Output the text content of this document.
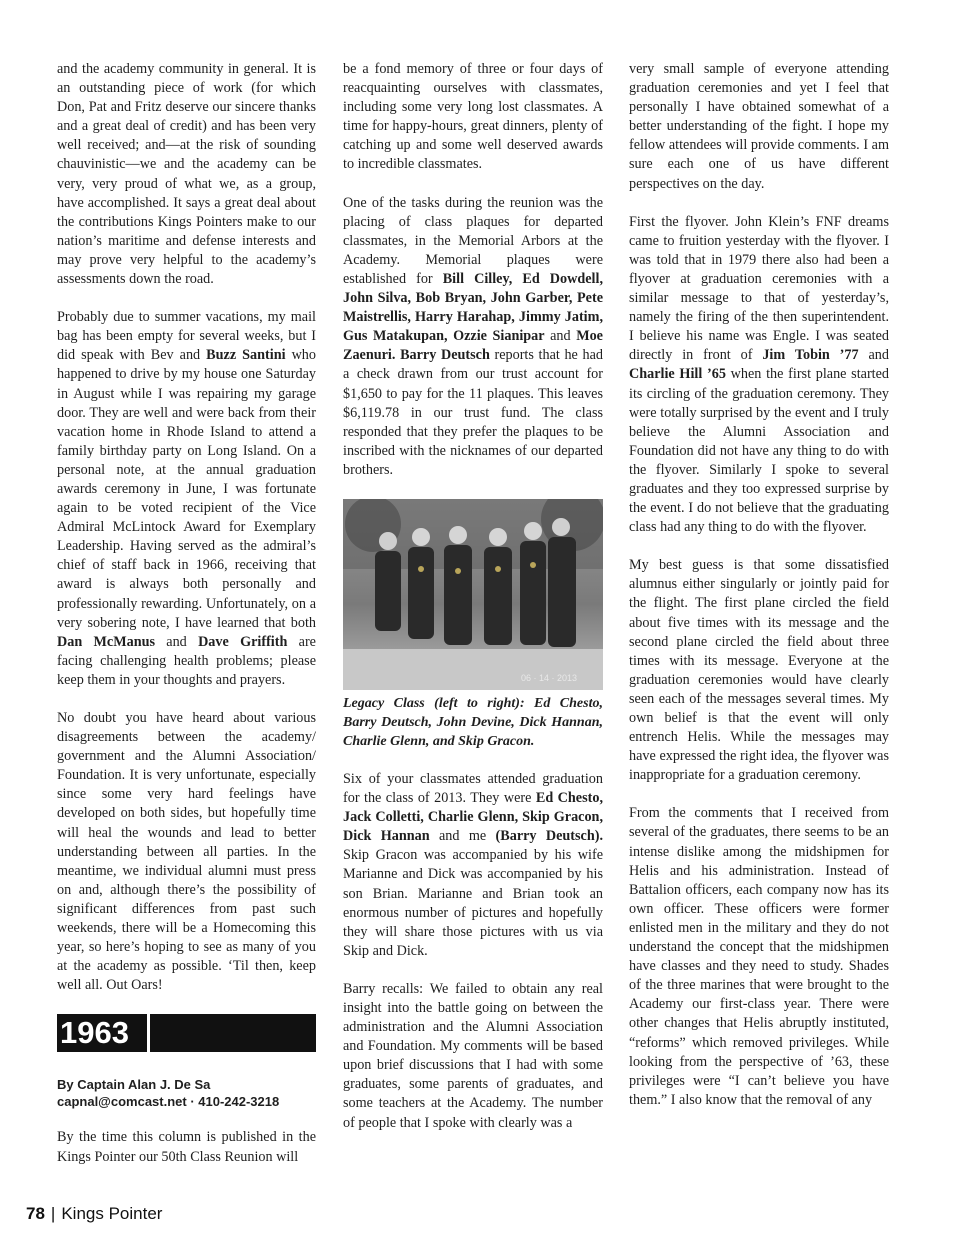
and the academy community in general. It is an outstanding piece of work (for which Don, Pat and Fritz deserve our sincere thanks and a great deal of credit) and has been very well received; and—at the risk of sounding chauvinistic—we and the academy can be very, very proud of what we, as a group, have accomplished. It says a great deal about the contributions Kings Pointers make to our nation’s maritime and defense interests and may prove very helpful to the academy’s assessments down the road.

Probably due to summer vacations, my mail bag has been empty for several weeks, but I did speak with Bev and Buzz Santini who happened to drive by my house one Saturday in August while I was repairing my garage door. They are well and were back from their vacation home in Rhode Island to attend a family birthday party on Long Island. On a personal note, at the annual graduation awards ceremony in June, I was fortunate again to be voted recipient of the Vice Admiral McLintock Award for Exemplary Leadership. Having served as the admiral’s chief of staff back in 1966, receiving that award is always both personally and professionally rewarding. Unfortunately, on a very sobering note, I have learned that both Dan McManus and Dave Griffith are facing challenging health problems; please keep them in your thoughts and prayers.

No doubt you have heard about various disagreements between the academy/ government and the Alumni Association/ Foundation. It is very unfortunate, especially since some very hard feelings have developed on both sides, but hopefully time will heal the wounds and lead to better understanding between all parties. In the meantime, we individual alumni must press on and, although there’s the possibility of significant differences from past such weekends, there will be a Homecoming this year, so here’s hoping to see as many of you at the academy as possible. ‘Til then, keep well all. Out Oars!

1963

By Captain Alan J. De Sa

capnal@comcast.net · 410-242-3218

By the time this column is published in the Kings Pointer our 50th Class Reunion will

be a fond memory of three or four days of reacquainting ourselves with classmates, including some very long lost classmates. A time for happy-hours, great dinners, plenty of catching up and some well deserved awards to incredible classmates.

One of the tasks during the reunion was the placing of class plaques for departed classmates, in the Memorial Arbors at the Academy. Memorial plaques were established for Bill Cilley, Ed Dowdell, John Silva, Bob Bryan, John Garber, Pete Maistrellis, Harry Harahap, Jimmy Jatim, Gus Matakupan, Ozzie Sianipar and Moe Zaenuri. Barry Deutsch reports that he had a check drawn from our trust account for $1,650 to pay for the 11 plaques. This leaves $6,119.78 in our trust fund. The class responded that they prefer the plaques to be inscribed with the nicknames of our departed brothers.

06 · 14 · 2013

Legacy Class (left to right): Ed Chesto, Barry Deutsch, John Devine, Dick Hannan, Charlie Glenn, and Skip Gracon.

Six of your classmates attended graduation for the class of 2013. They were Ed Chesto, Jack Colletti, Charlie Glenn, Skip Gracon, Dick Hannan and me (Barry Deutsch). Skip Gracon was accompanied by his wife Marianne and Dick was accompanied by his son Brian. Marianne and Brian took an enormous number of pictures and hopefully they will share those pictures with us via Skip and Dick.

Barry recalls: We failed to obtain any real insight into the battle going on between the administration and the Alumni Association and Foundation. My comments will be based upon brief discussions that I had with some graduates, some parents of graduates, and some teachers at the Academy. The number of people that I spoke with clearly was a

very small sample of everyone attending graduation ceremonies and yet I feel that personally I have obtained somewhat of a better understanding of the fight. I hope my fellow attendees will provide comments. I am sure each one of us have different perspectives on the day.

First the flyover. John Klein’s FNF dreams came to fruition yesterday with the flyover. I was told that in 1979 there also had been a flyover at graduation ceremonies with a similar message to that of yesterday’s, namely the firing of the then superintendent. I believe his name was Engle. I was seated directly in front of Jim Tobin ’77 and Charlie Hill ’65 when the first plane started its circling of the graduation ceremony. They were totally surprised by the event and I truly believe the Alumni Association and Foundation did not have any thing to do with the flyover. Similarly I spoke to several graduates and they too expressed surprise by the event. I do not believe that the graduating class had any thing to do with the flyover.

My best guess is that some dissatisfied alumnus either singularly or jointly paid for the flight. The first plane circled the field about five times with its message and the second plane circled the field about three times with its message. Everyone at the graduation ceremonies would have clearly seen each of the messages several times. My own belief is that the event will only entrench Helis. While the messages may have expressed the right idea, the flyover was inappropriate for a graduation ceremony.

From the comments that I received from several of the graduates, there seems to be an intense dislike among the midshipmen for Helis and his administration. Instead of Battalion officers, each company now has its own officer. These officers were former enlisted men in the military and they do not understand the concept that the midshipmen have classes and they need to study. Shades of the three marines that were brought to the Academy our first-class year. There were other changes that Helis abruptly instituted, “reforms” which removed privileges. While looking from the perspective of ’63, these privileges were “I can’t believe you have them.” I also know that the removal of any

78 | Kings Pointer
